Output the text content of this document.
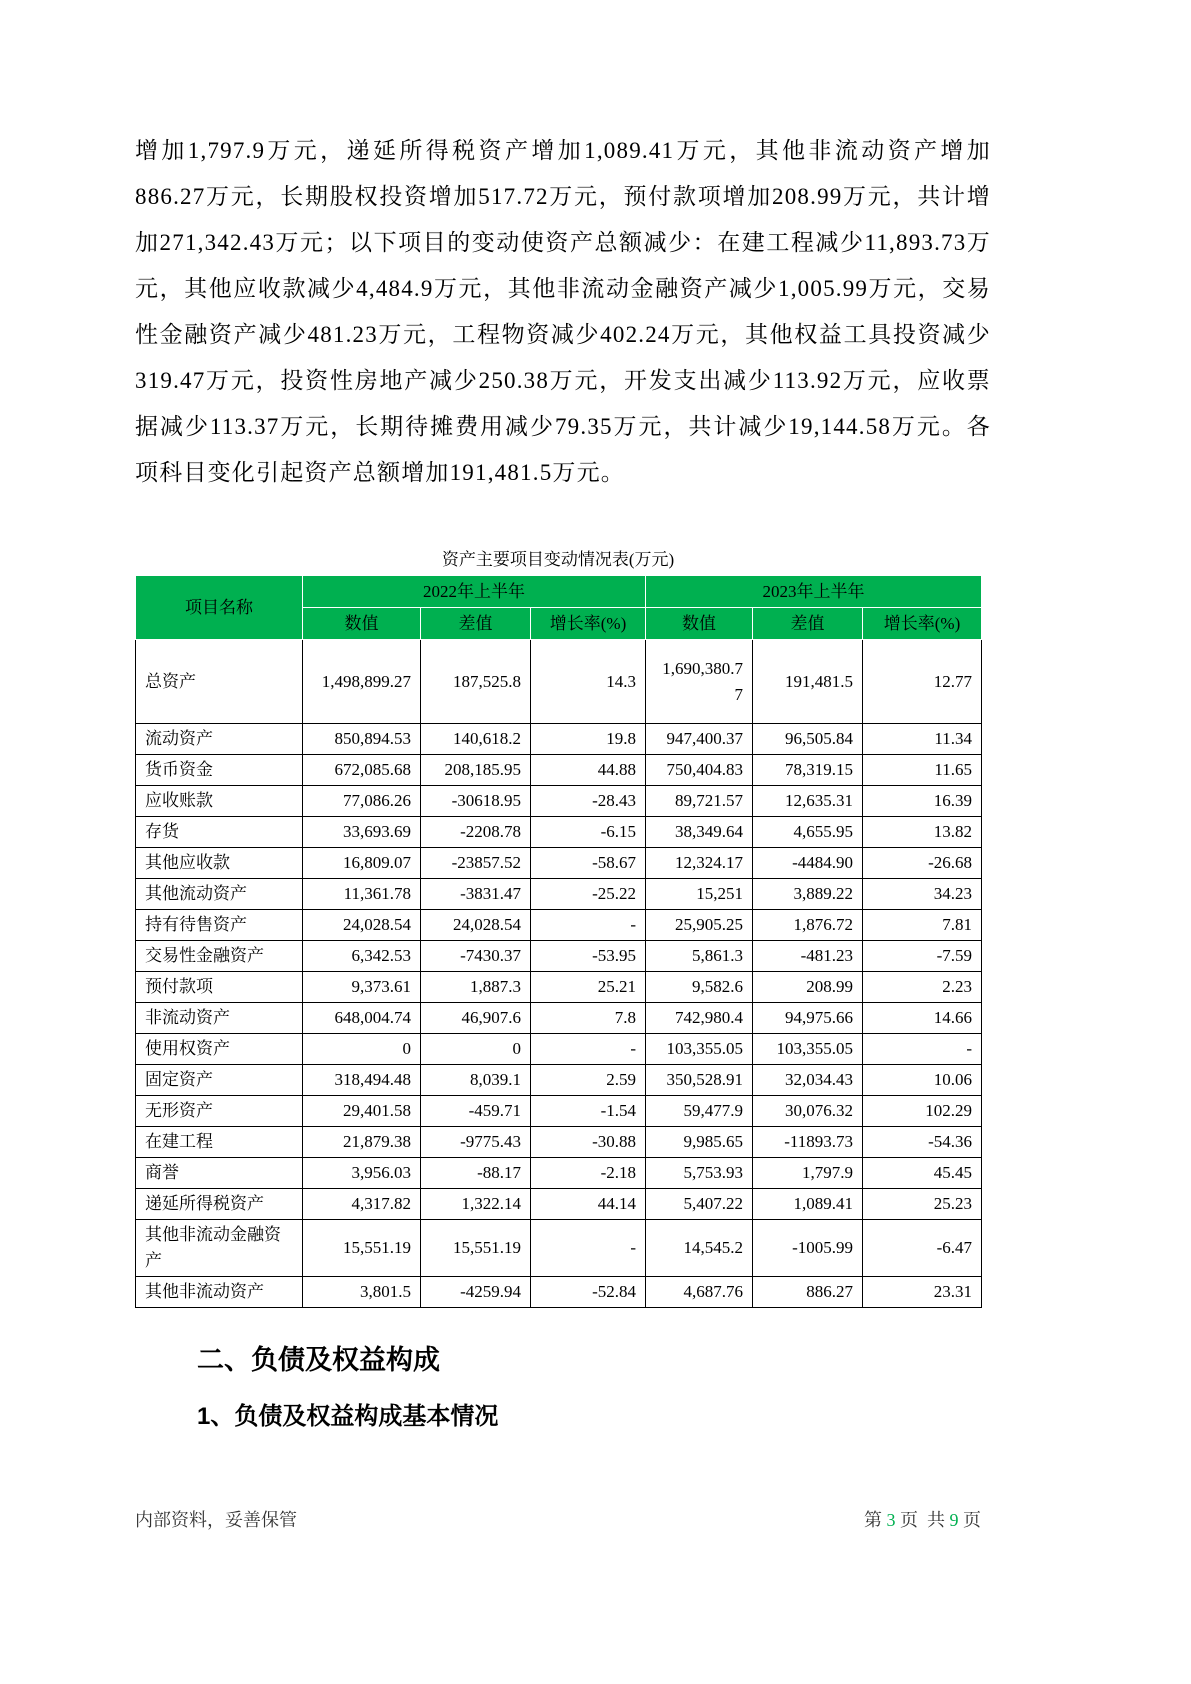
增加1,797.9万元，递延所得税资产增加1,089.41万元，其他非流动资产增加886.27万元，长期股权投资增加517.72万元，预付款项增加208.99万元，共计增加271,342.43万元；以下项目的变动使资产总额减少：在建工程减少11,893.73万元，其他应收款减少4,484.9万元，其他非流动金融资产减少1,005.99万元，交易性金融资产减少481.23万元，工程物资减少402.24万元，其他权益工具投资减少319.47万元，投资性房地产减少250.38万元，开发支出减少113.92万元，应收票据减少113.37万元，长期待摊费用减少79.35万元，共计减少19,144.58万元。各项科目变化引起资产总额增加191,481.5万元。
资产主要项目变动情况表(万元)
项目名称	2022年上半年			2023年上半年		
	数值	差值	增长率(%)	数值	差值	增长率(%)
总资产	1,498,899.27	187,525.8	14.3	1,690,380.77	191,481.5	12.77
流动资产	850,894.53	140,618.2	19.8	947,400.37	96,505.84	11.34
货币资金	672,085.68	208,185.95	44.88	750,404.83	78,319.15	11.65
应收账款	77,086.26	-30618.95	-28.43	89,721.57	12,635.31	16.39
存货	33,693.69	-2208.78	-6.15	38,349.64	4,655.95	13.82
其他应收款	16,809.07	-23857.52	-58.67	12,324.17	-4484.90	-26.68
其他流动资产	11,361.78	-3831.47	-25.22	15,251	3,889.22	34.23
持有待售资产	24,028.54	24,028.54	-	25,905.25	1,876.72	7.81
交易性金融资产	6,342.53	-7430.37	-53.95	5,861.3	-481.23	-7.59
预付款项	9,373.61	1,887.3	25.21	9,582.6	208.99	2.23
非流动资产	648,004.74	46,907.6	7.8	742,980.4	94,975.66	14.66
使用权资产	0	0	-	103,355.05	103,355.05	-
固定资产	318,494.48	8,039.1	2.59	350,528.91	32,034.43	10.06
无形资产	29,401.58	-459.71	-1.54	59,477.9	30,076.32	102.29
在建工程	21,879.38	-9775.43	-30.88	9,985.65	-11893.73	-54.36
商誉	3,956.03	-88.17	-2.18	5,753.93	1,797.9	45.45
递延所得税资产	4,317.82	1,322.14	44.14	5,407.22	1,089.41	25.23
其他非流动金融资产	15,551.19	15,551.19	-	14,545.2	-1005.99	-6.47
其他非流动资产	3,801.5	-4259.94	-52.84	4,687.76	886.27	23.31
二、负债及权益构成
1、负债及权益构成基本情况
内部资料，妥善保管	第 3 页  共 9 页
